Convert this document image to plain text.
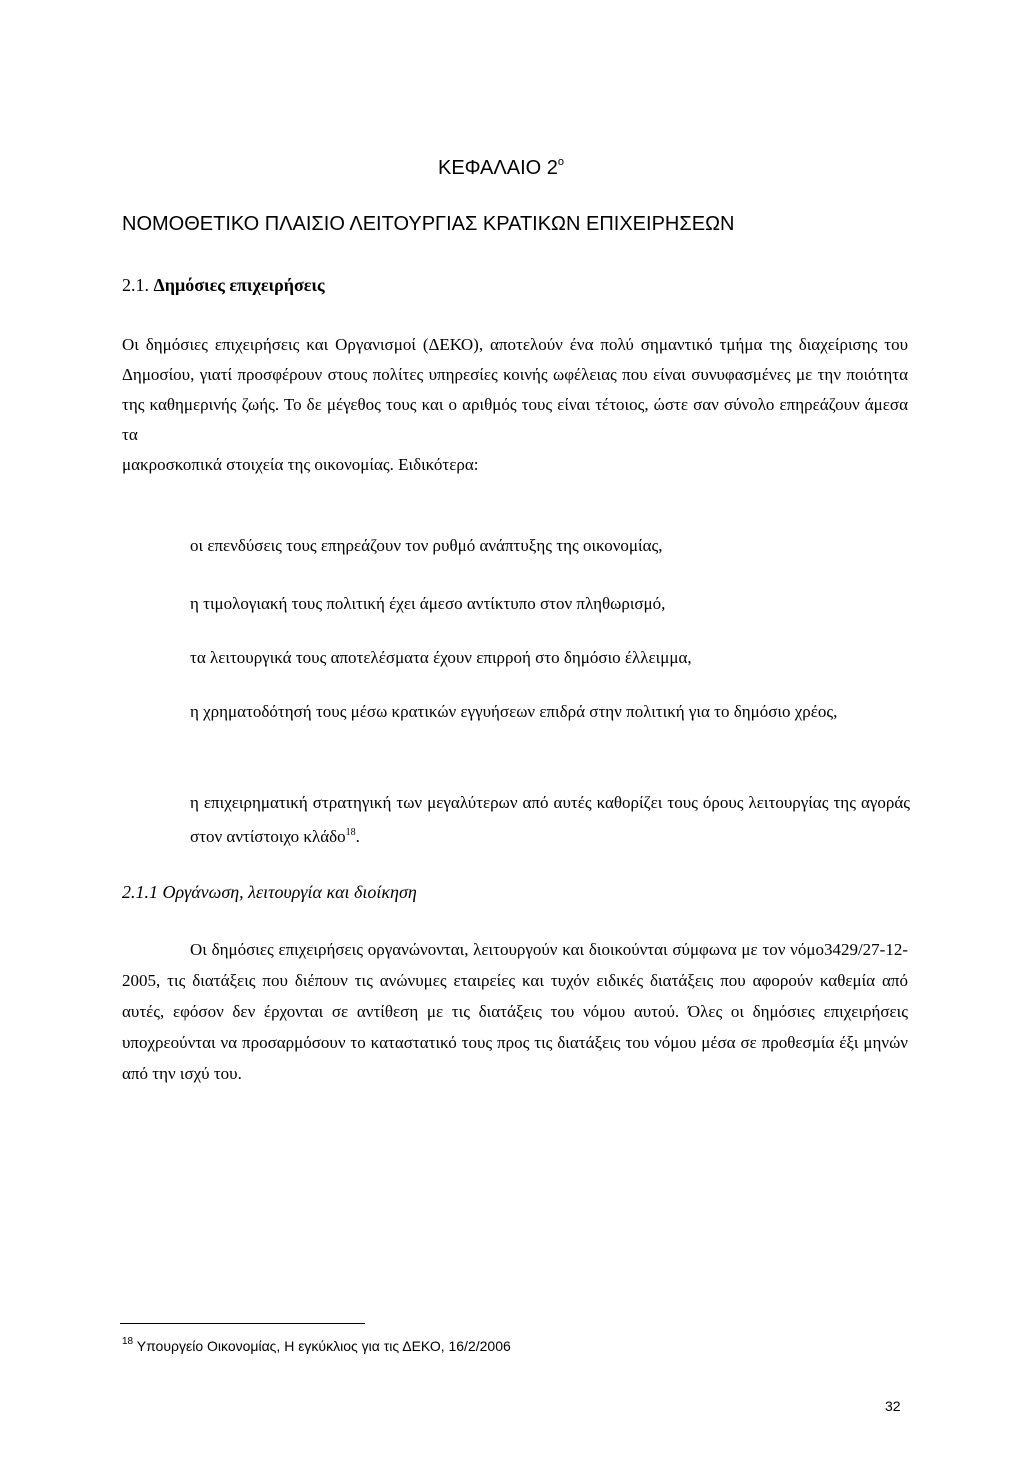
ΚΕΦΑΛΑΙΟ $2^o$
ΝΟΜΟΘΕΤΙΚΟ ΠΛΑΙΣΙΟ ΛΕΙΤΟΥΡΓΙΑΣ ΚΡΑΤΙΚΩΝ ΕΠΙΧΕΙΡΗΣΕΩΝ
2.1. Δημόσιες επιχειρήσεις
Οι δημόσιες επιχειρήσεις και Οργανισμοί (ΔΕΚΟ), αποτελούν ένα πολύ σημαντικό τμήμα της διαχείρισης του Δημοσίου, γιατί προσφέρουν στους πολίτες υπηρεσίες κοινής ωφέλειας που είναι συνυφασμένες με την ποιότητα της καθημερινής ζωής. Το δε μέγεθος τους και ο αριθμός τους είναι τέτοιος, ώστε σαν σύνολο επηρεάζουν άμεσα τα
μακροσκοπικά στοιχεία της οικονομίας. Ειδικότερα:
οι επενδύσεις τους επηρεάζουν τον ρυθμό ανάπτυξης της οικονομίας,
η τιμολογιακή τους πολιτική έχει άμεσο αντίκτυπο στον πληθωρισμό,
τα λειτουργικά τους αποτελέσματα έχουν επιρροή στο δημόσιο έλλειμμα,
η χρηματοδότησή τους μέσω κρατικών εγγυήσεων επιδρά στην πολιτική για το δημόσιο χρέος,
η επιχειρηματική στρατηγική των μεγαλύτερων από αυτές καθορίζει τους όρους λειτουργίας της αγοράς στον αντίστοιχο κλάδο$^{18}$.
2.1.1 Οργάνωση, λειτουργία και διοίκηση
Οι δημόσιες επιχειρήσεις οργανώνονται, λειτουργούν και διοικούνται σύμφωνα με τον νόμο3429/27-12-2005, τις διατάξεις που διέπουν τις ανώνυμες εταιρείες και τυχόν ειδικές διατάξεις που αφορούν καθεμία από αυτές, εφόσον δεν έρχονται σε αντίθεση με τις διατάξεις του νόμου αυτού. Όλες οι δημόσιες επιχειρήσεις υποχρεούνται να προσαρμόσουν το καταστατικό τους προς τις διατάξεις του νόμου μέσα σε προθεσμία έξι μηνών από την ισχύ του.
$^{18}$ Υπουργείο Οικονομίας, Η εγκύκλιος για τις ΔΕΚΟ, 16/2/2006
32
